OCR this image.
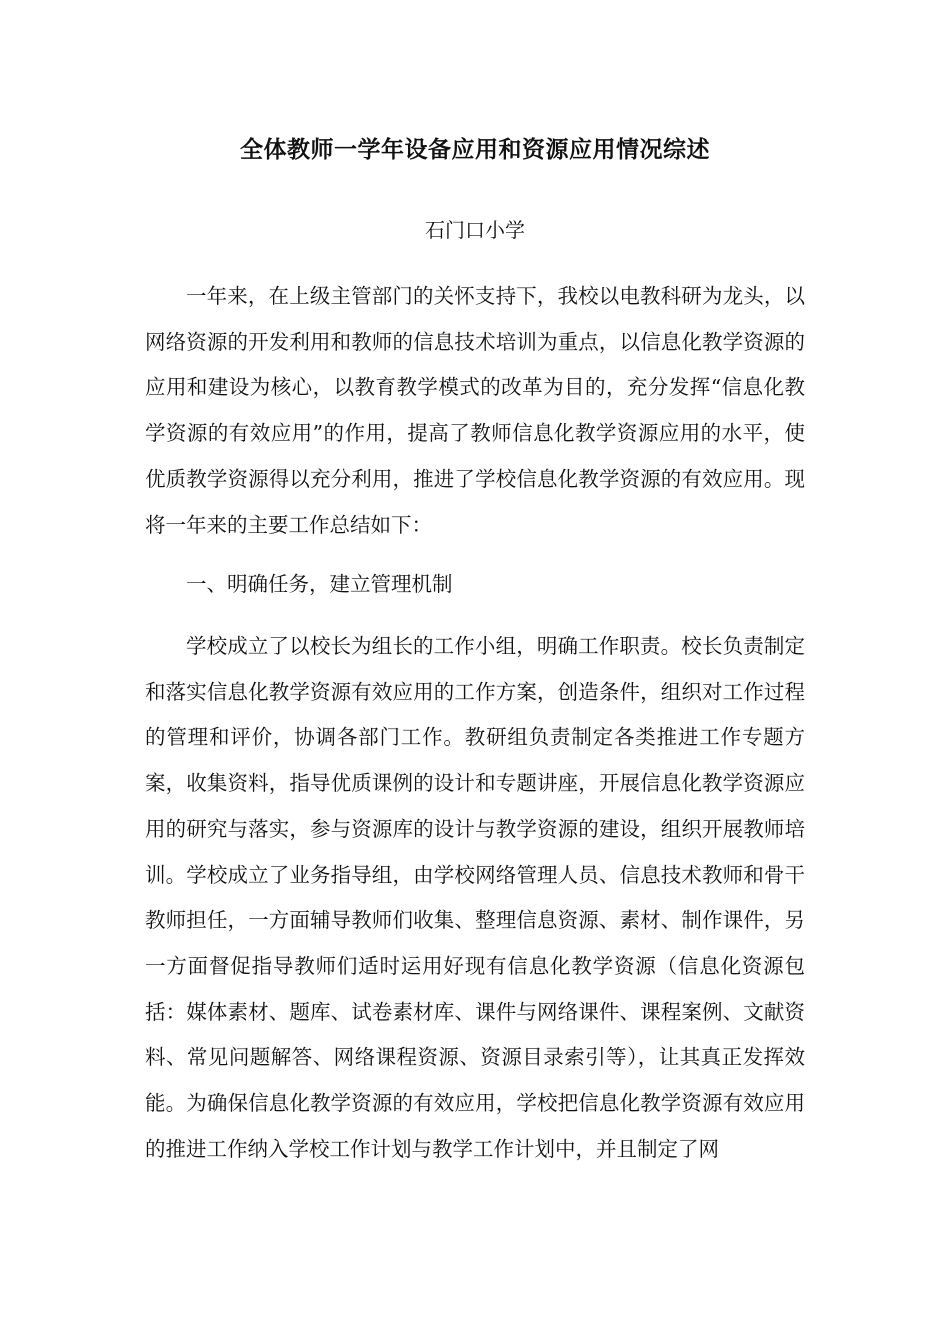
全体教师一学年设备应用和资源应用情况综述

石门口小学

一年来，在上级主管部门的关怀支持下，我校以电教科研为龙头，以网络资源的开发利用和教师的信息技术培训为重点，以信息化教学资源的应用和建设为核心，以教育教学模式的改革为目的，充分发挥“信息化教学资源的有效应用”的作用，提高了教师信息化教学资源应用的水平，使优质教学资源得以充分利用，推进了学校信息化教学资源的有效应用。现将一年来的主要工作总结如下：

一、明确任务，建立管理机制

学校成立了以校长为组长的工作小组，明确工作职责。校长负责制定和落实信息化教学资源有效应用的工作方案，创造条件，组织对工作过程的管理和评价，协调各部门工作。教研组负责制定各类推进工作专题方案，收集资料，指导优质课例的设计和专题讲座，开展信息化教学资源应用的研究与落实，参与资源库的设计与教学资源的建设，组织开展教师培训。学校成立了业务指导组，由学校网络管理人员、信息技术教师和骨干教师担任，一方面辅导教师们收集、整理信息资源、素材、制作课件，另一方面督促指导教师们适时运用好现有信息化教学资源（信息化资源包括：媒体素材、题库、试卷素材库、课件与网络课件、课程案例、文献资料、常见问题解答、网络课程资源、资源目录索引等），让其真正发挥效能。为确保信息化教学资源的有效应用，学校把信息化教学资源有效应用的推进工作纳入学校工作计划与教学工作计划中，并且制定了网
